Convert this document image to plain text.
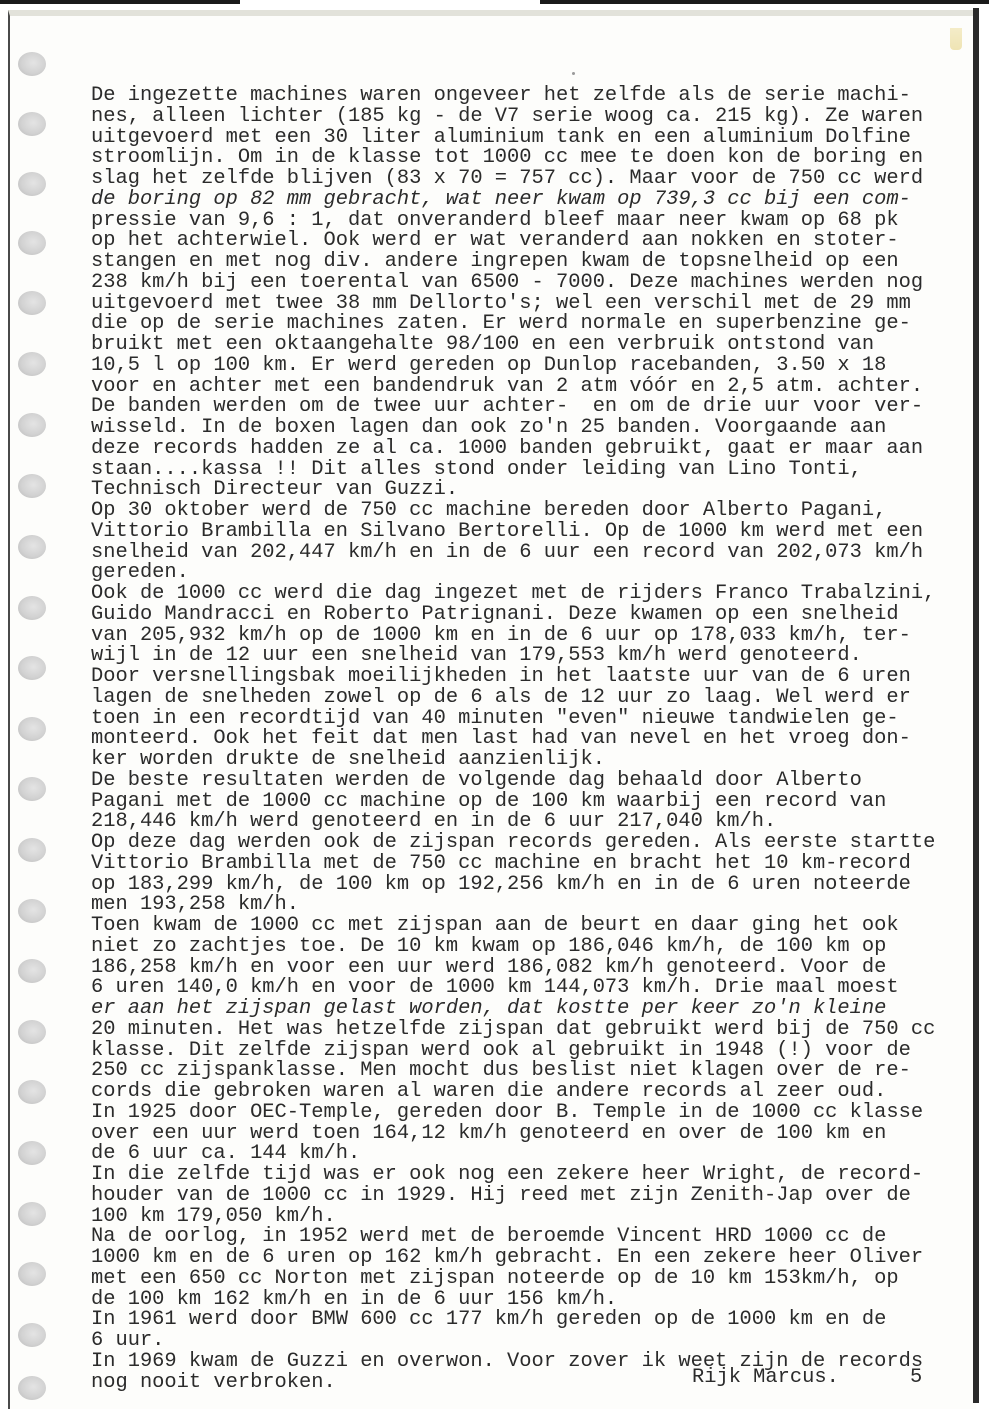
De ingezette machines waren ongeveer het zelfde als de serie machi-
nes, alleen lichter (185 kg - de V7 serie woog ca. 215 kg). Ze waren
uitgevoerd met een 30 liter aluminium tank en een aluminium Dolfine
stroomlijn. Om in de klasse tot 1000 cc mee te doen kon de boring en
slag het zelfde blijven (83 x 70 = 757 cc). Maar voor de 750 cc werd
de boring op 82 mm gebracht, wat neer kwam op 739,3 cc bij een com-
pressie van 9,6 : 1, dat onveranderd bleef maar neer kwam op 68 pk
op het achterwiel. Ook werd er wat veranderd aan nokken en stoter-
stangen en met nog div. andere ingrepen kwam de topsnelheid op een
238 km/h bij een toerental van 6500 - 7000. Deze machines werden nog
uitgevoerd met twee 38 mm Dellorto's; wel een verschil met de 29 mm
die op de serie machines zaten. Er werd normale en superbenzine ge-
bruikt met een oktaangehalte 98/100 en een verbruik ontstond van
10,5 l op 100 km. Er werd gereden op Dunlop racebanden, 3.50 x 18
voor en achter met een bandendruk van 2 atm vóór en 2,5 atm. achter.
De banden werden om de twee uur achter-  en om de drie uur voor ver-
wisseld. In de boxen lagen dan ook zo'n 25 banden. Voorgaande aan
deze records hadden ze al ca. 1000 banden gebruikt, gaat er maar aan
staan....kassa !! Dit alles stond onder leiding van Lino Tonti,
Technisch Directeur van Guzzi.
Op 30 oktober werd de 750 cc machine bereden door Alberto Pagani,
Vittorio Brambilla en Silvano Bertorelli. Op de 1000 km werd met een
snelheid van 202,447 km/h en in de 6 uur een record van 202,073 km/h
gereden.
Ook de 1000 cc werd die dag ingezet met de rijders Franco Trabalzini,
Guido Mandracci en Roberto Patrignani. Deze kwamen op een snelheid
van 205,932 km/h op de 1000 km en in de 6 uur op 178,033 km/h, ter-
wijl in de 12 uur een snelheid van 179,553 km/h werd genoteerd.
Door versnellingsbak moeilijkheden in het laatste uur van de 6 uren
lagen de snelheden zowel op de 6 als de 12 uur zo laag. Wel werd er
toen in een recordtijd van 40 minuten "even" nieuwe tandwielen ge-
monteerd. Ook het feit dat men last had van nevel en het vroeg don-
ker worden drukte de snelheid aanzienlijk.
De beste resultaten werden de volgende dag behaald door Alberto
Pagani met de 1000 cc machine op de 100 km waarbij een record van
218,446 km/h werd genoteerd en in de 6 uur 217,040 km/h.
Op deze dag werden ook de zijspan records gereden. Als eerste startte
Vittorio Brambilla met de 750 cc machine en bracht het 10 km-record
op 183,299 km/h, de 100 km op 192,256 km/h en in de 6 uren noteerde
men 193,258 km/h.
Toen kwam de 1000 cc met zijspan aan de beurt en daar ging het ook
niet zo zachtjes toe. De 10 km kwam op 186,046 km/h, de 100 km op
186,258 km/h en voor een uur werd 186,082 km/h genoteerd. Voor de
6 uren 140,0 km/h en voor de 1000 km 144,073 km/h. Drie maal moest
er aan het zijspan gelast worden, dat kostte per keer zo'n kleine
20 minuten. Het was hetzelfde zijspan dat gebruikt werd bij de 750 cc
klasse. Dit zelfde zijspan werd ook al gebruikt in 1948 (!) voor de
250 cc zijspanklasse. Men mocht dus beslist niet klagen over de re-
cords die gebroken waren al waren die andere records al zeer oud.
In 1925 door OEC-Temple, gereden door B. Temple in de 1000 cc klasse
over een uur werd toen 164,12 km/h genoteerd en over de 100 km en
de 6 uur ca. 144 km/h.
In die zelfde tijd was er ook nog een zekere heer Wright, de record-
houder van de 1000 cc in 1929. Hij reed met zijn Zenith-Jap over de
100 km 179,050 km/h.
Na de oorlog, in 1952 werd met de beroemde Vincent HRD 1000 cc de
1000 km en de 6 uren op 162 km/h gebracht. En een zekere heer Oliver
met een 650 cc Norton met zijspan noteerde op de 10 km 153km/h, op
de 100 km 162 km/h en in de 6 uur 156 km/h.
In 1961 werd door BMW 600 cc 177 km/h gereden op de 1000 km en de
6 uur.
In 1969 kwam de Guzzi en overwon. Voor zover ik weet zijn de records
nog nooit verbroken.	Rijk Marcus.	5
